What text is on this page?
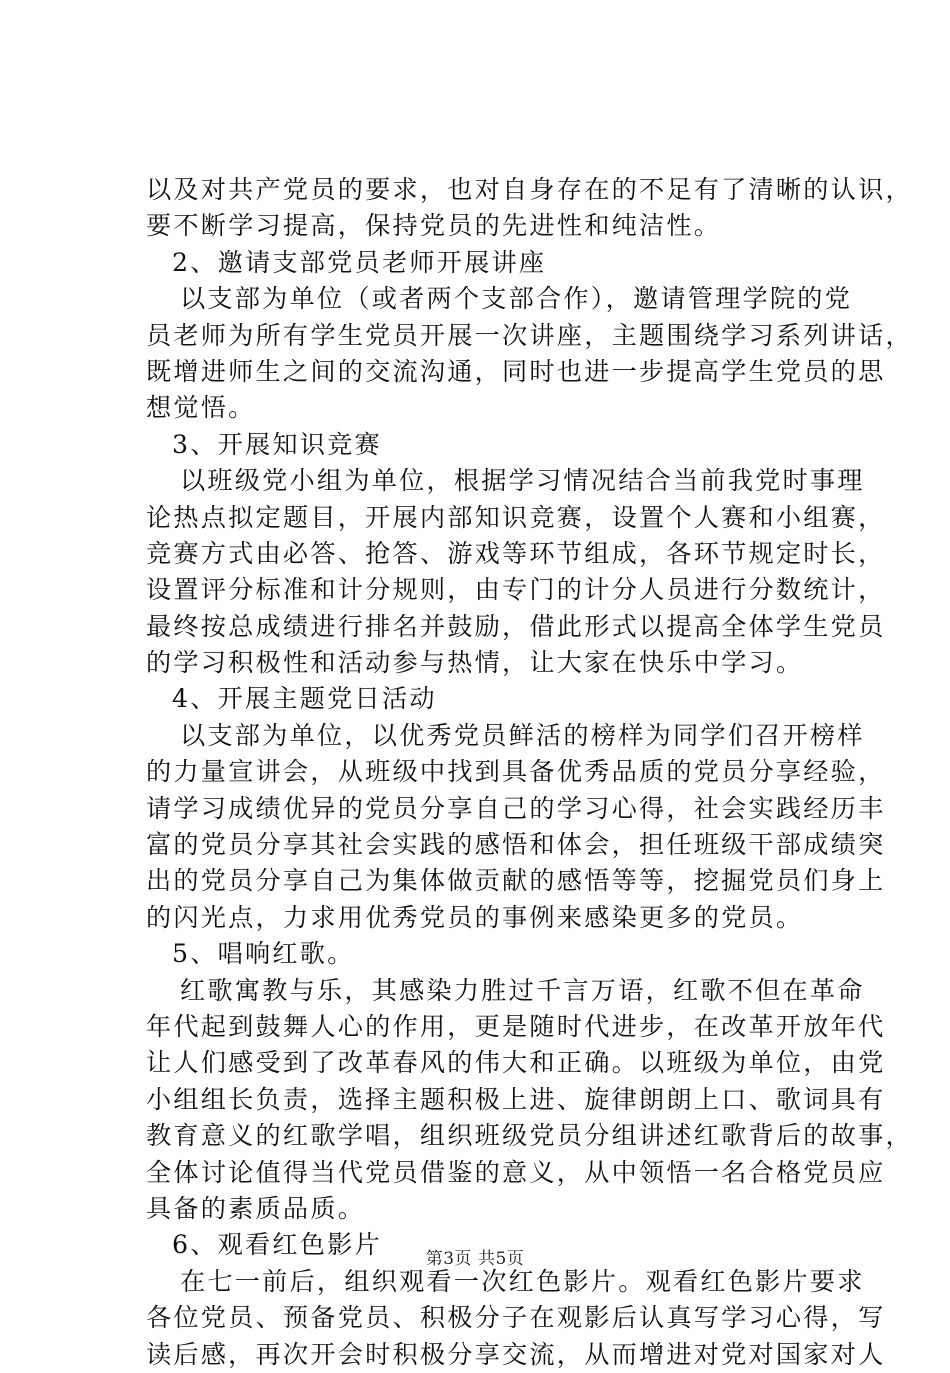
以及对共产党员的要求，也对自身存在的不足有了清晰的认识，
要不断学习提高，保持党员的先进性和纯洁性。
2、邀请支部党员老师开展讲座
以支部为单位（或者两个支部合作），邀请管理学院的党
员老师为所有学生党员开展一次讲座，主题围绕学习系列讲话，
既增进师生之间的交流沟通，同时也进一步提高学生党员的思
想觉悟。
3、开展知识竞赛
以班级党小组为单位，根据学习情况结合当前我党时事理
论热点拟定题目，开展内部知识竞赛，设置个人赛和小组赛，
竞赛方式由必答、抢答、游戏等环节组成，各环节规定时长，
设置评分标准和计分规则，由专门的计分人员进行分数统计，
最终按总成绩进行排名并鼓励，借此形式以提高全体学生党员
的学习积极性和活动参与热情，让大家在快乐中学习。
4、开展主题党日活动
以支部为单位，以优秀党员鲜活的榜样为同学们召开榜样
的力量宣讲会，从班级中找到具备优秀品质的党员分享经验，
请学习成绩优异的党员分享自己的学习心得，社会实践经历丰
富的党员分享其社会实践的感悟和体会，担任班级干部成绩突
出的党员分享自己为集体做贡献的感悟等等，挖掘党员们身上
的闪光点，力求用优秀党员的事例来感染更多的党员。
5、唱响红歌。
红歌寓教与乐，其感染力胜过千言万语，红歌不但在革命
年代起到鼓舞人心的作用，更是随时代进步，在改革开放年代
让人们感受到了改革春风的伟大和正确。以班级为单位，由党
小组组长负责，选择主题积极上进、旋律朗朗上口、歌词具有
教育意义的红歌学唱，组织班级党员分组讲述红歌背后的故事，
全体讨论值得当代党员借鉴的意义，从中领悟一名合格党员应
具备的素质品质。
6、观看红色影片
在七一前后，组织观看一次红色影片。观看红色影片要求
各位党员、预备党员、积极分子在观影后认真写学习心得，写
读后感，再次开会时积极分享交流，从而增进对党对国家对人
第3页 共5页
